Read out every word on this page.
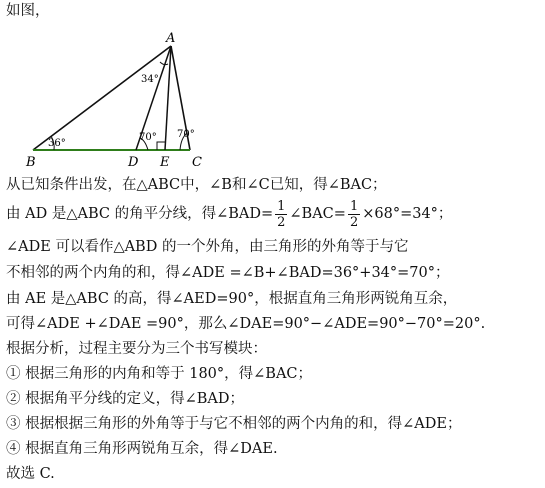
如图，
A
B	C
D E
36°
34°
70° 70°
从已知条件出发，在△ABC中，∠B和∠C已知，得∠BAC；
由 AD 是△ABC 的角平分线，得∠BAD= $\frac{1}{2}$ ∠BAC= $\frac{1}{2} \times 68^\circ=34^\circ$；
∠ADE 可以看作△ABD 的一个外角，由三角形的外角等于与它
不相邻的两个内角的和，得∠ADE =∠B+∠BAD=36°+34°=70°；
由 AE 是△ABC 的高，得∠AED=90°，根据直角三角形两锐角互余，
可得∠ADE +∠DAE =90°，那么∠DAE=90°−∠ADE=90°−70°=20°.
根据分析，过程主要分为三个书写模块：
① 根据三角形的内角和等于 180°，得∠BAC；
② 根据角平分线的定义，得∠BAD；
③ 根据根据三角形的外角等于与它不相邻的两个内角的和，得∠ADE；
④ 根据直角三角形两锐角互余，得∠DAE.
故选 C.
